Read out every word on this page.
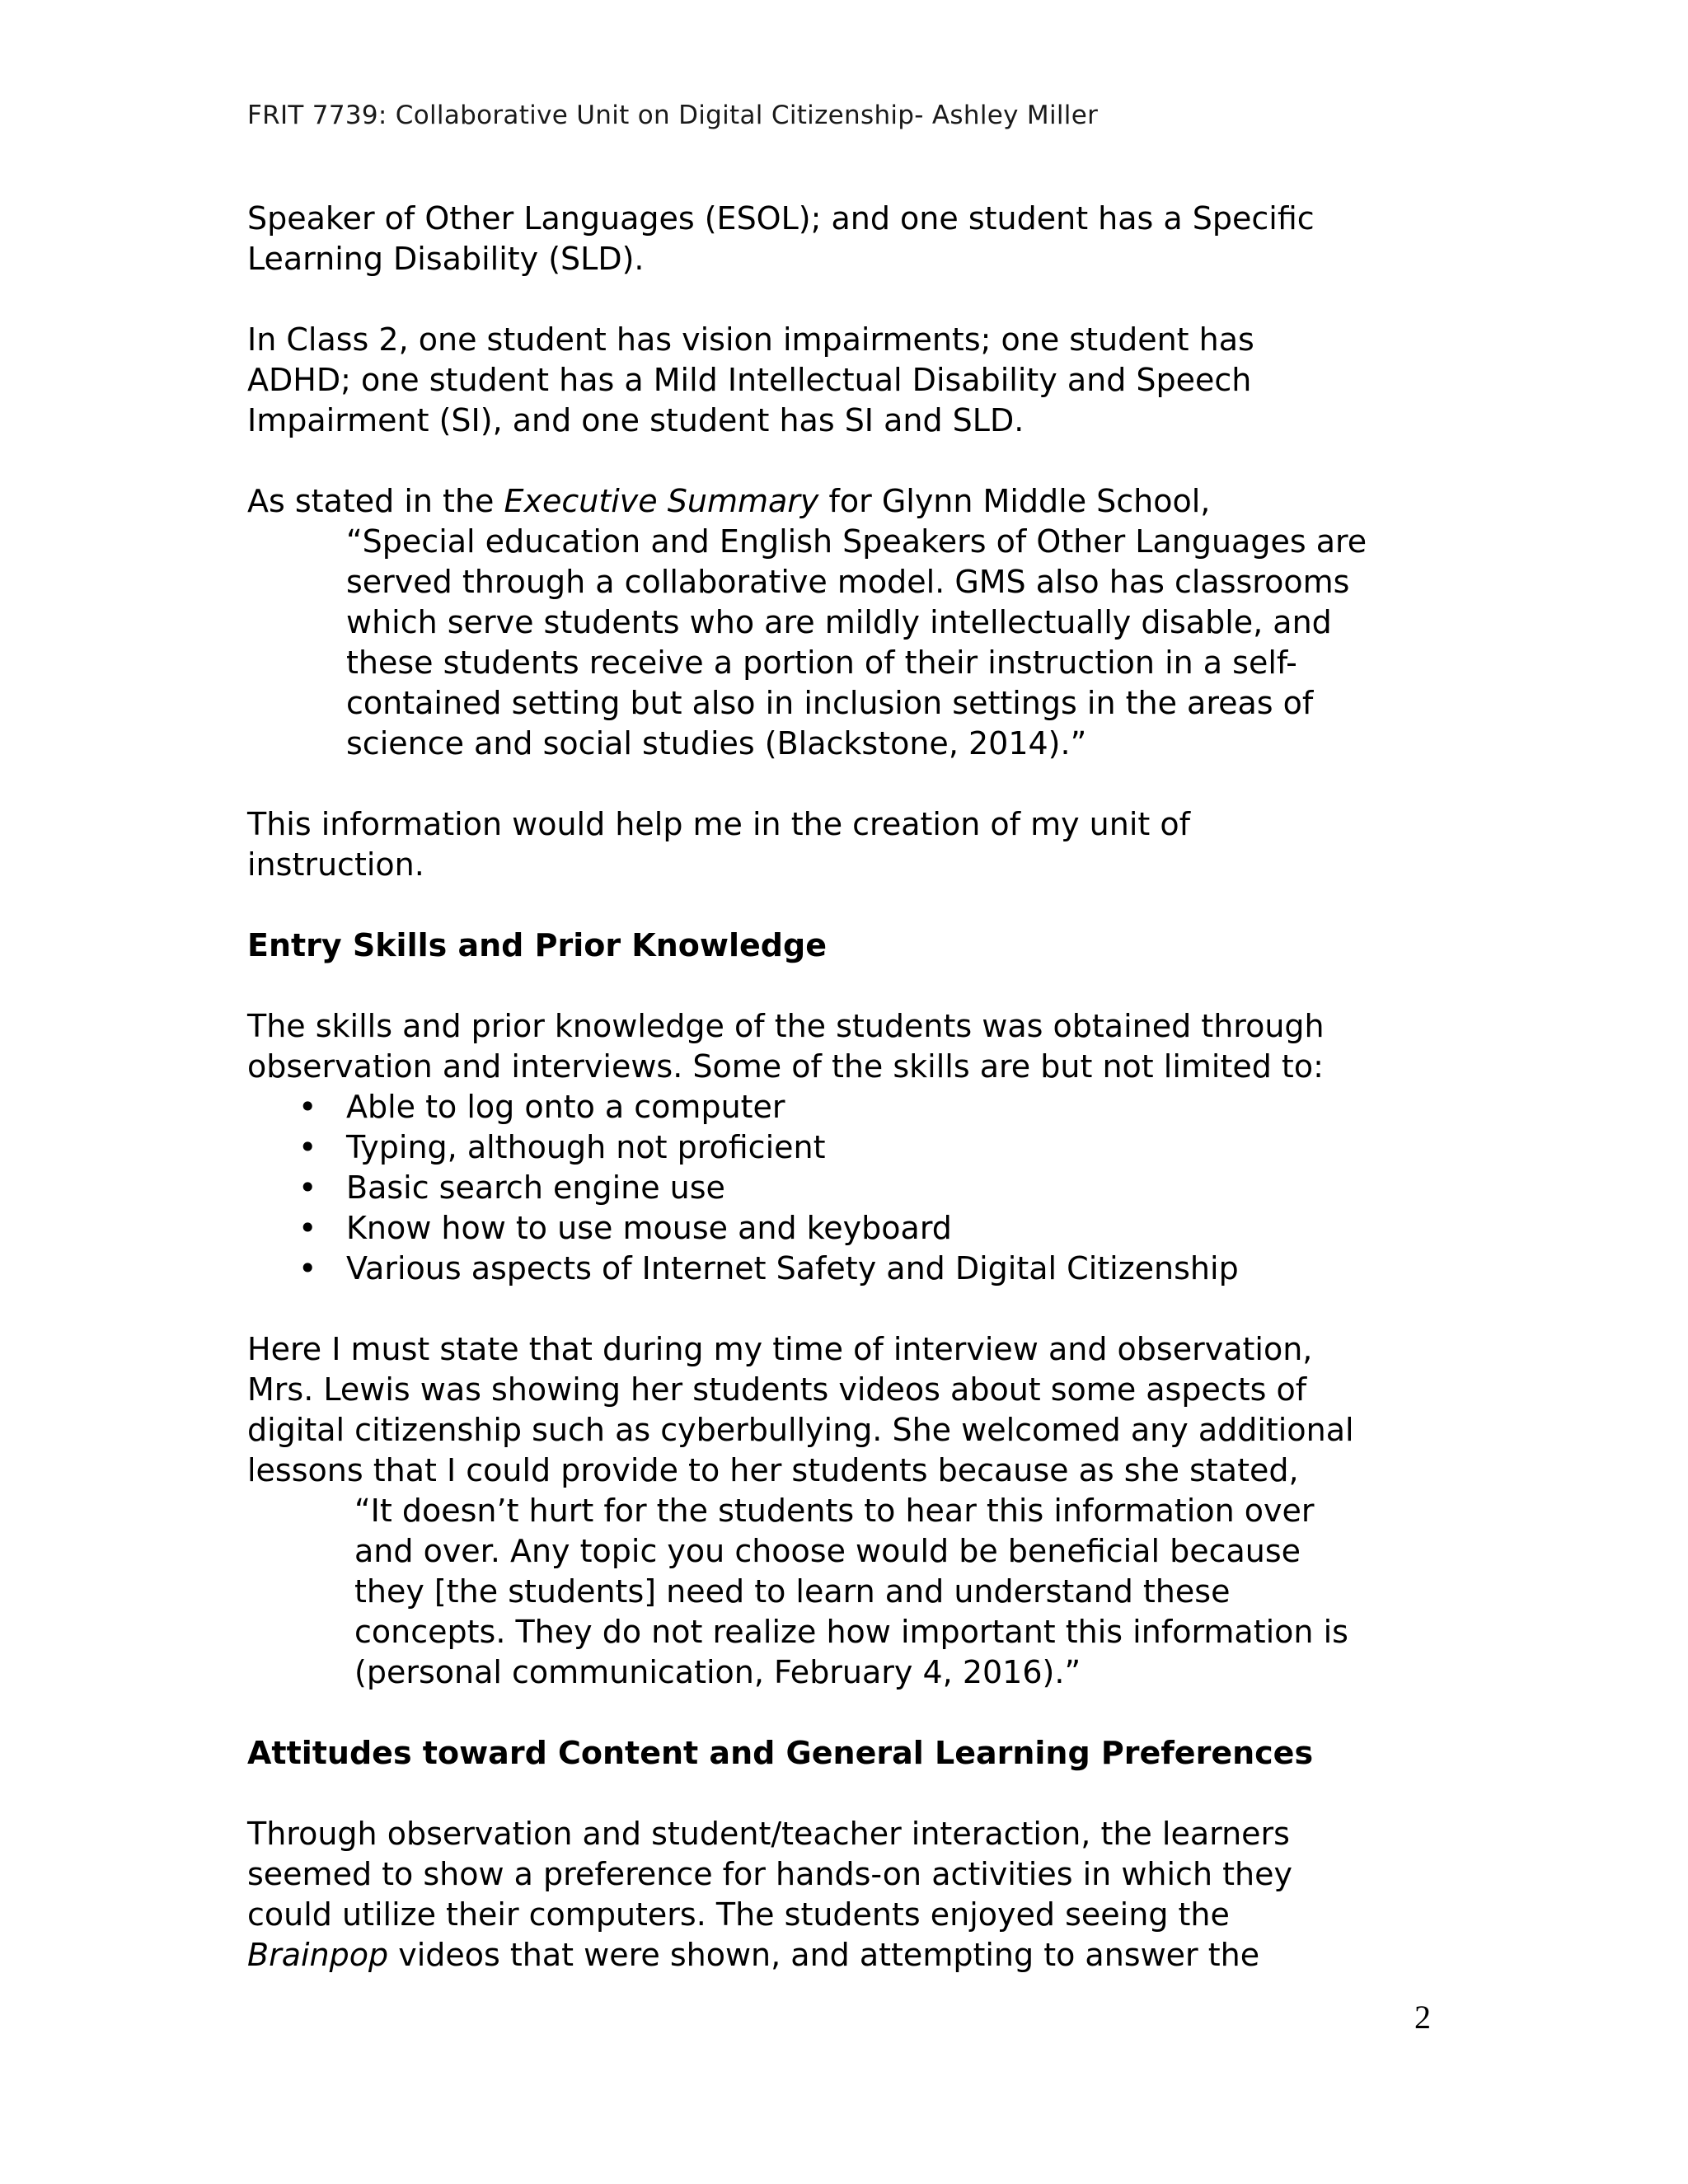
FRIT 7739: Collaborative Unit on Digital Citizenship- Ashley Miller

Speaker of Other Languages (ESOL); and one student has a Specific

Learning Disability (SLD).

In Class 2, one student has vision impairments; one student has

ADHD; one student has a Mild Intellectual Disability and Speech

Impairment (SI), and one student has SI and SLD.

As stated in the Executive Summary for Glynn Middle School,

“Special education and English Speakers of Other Languages are

served through a collaborative model. GMS also has classrooms

which serve students who are mildly intellectually disable, and

these students receive a portion of their instruction in a self-

contained setting but also in inclusion settings in the areas of

science and social studies (Blackstone, 2014).”

This information would help me in the creation of my unit of

instruction.

Entry Skills and Prior Knowledge

The skills and prior knowledge of the students was obtained through

observation and interviews. Some of the skills are but not limited to:

• Able to log onto a computer
• Typing, although not proficient
• Basic search engine use
• Know how to use mouse and keyboard
• Various aspects of Internet Safety and Digital Citizenship

Here I must state that during my time of interview and observation,

Mrs. Lewis was showing her students videos about some aspects of

digital citizenship such as cyberbullying. She welcomed any additional

lessons that I could provide to her students because as she stated,

“It doesn’t hurt for the students to hear this information over

and over. Any topic you choose would be beneficial because

they [the students] need to learn and understand these

concepts. They do not realize how important this information is

(personal communication, February 4, 2016).”

Attitudes toward Content and General Learning Preferences

Through observation and student/teacher interaction, the learners

seemed to show a preference for hands-on activities in which they

could utilize their computers. The students enjoyed seeing the

Brainpop videos that were shown, and attempting to answer the

2
